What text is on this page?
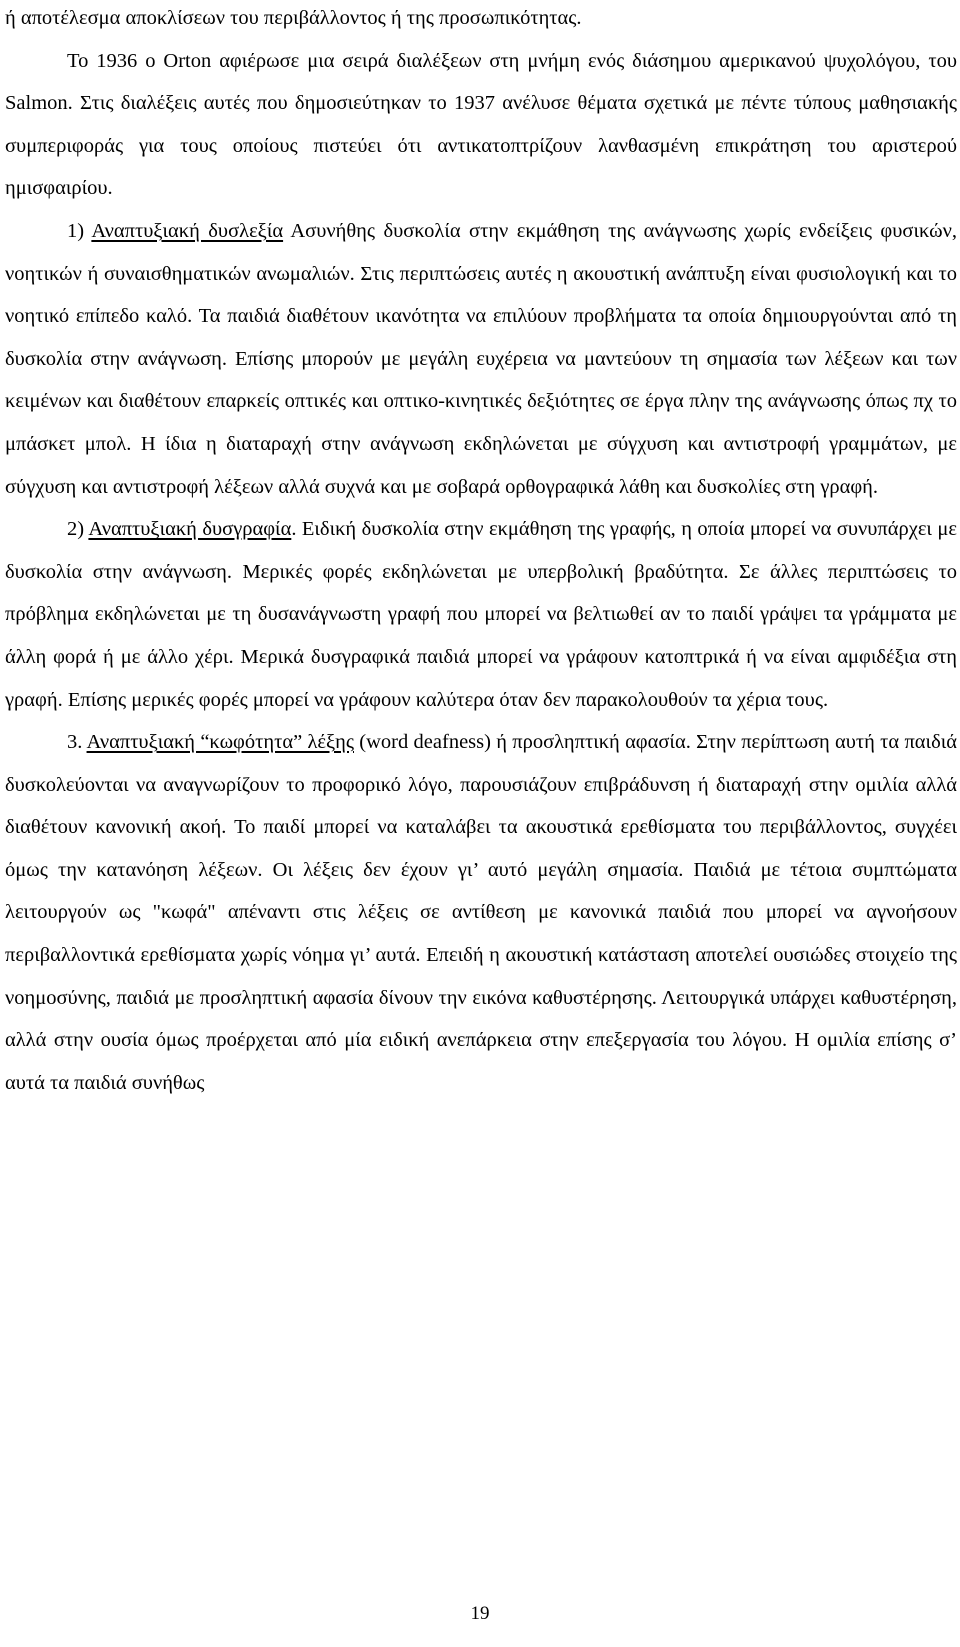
ή αποτέλεσμα αποκλίσεων του περιβάλλοντος ή της προσωπικότητας.

Το 1936 ο Orton αφιέρωσε μια σειρά διαλέξεων στη μνήμη ενός διάσημου αμερικανού ψυχολόγου, του Salmon. Στις διαλέξεις αυτές που δημοσιεύτηκαν το 1937 ανέλυσε θέματα σχετικά με πέντε τύπους μαθησιακής συμπεριφοράς για τους οποίους πιστεύει ότι αντικατοπτρίζουν λανθασμένη επικράτηση του αριστερού ημισφαιρίου.

1) Αναπτυξιακή δυσλεξία Ασυνήθης δυσκολία στην εκμάθηση της ανάγνωσης χωρίς ενδείξεις φυσικών, νοητικών ή συναισθηματικών ανωμαλιών. Στις περιπτώσεις αυτές η ακουστική ανάπτυξη είναι φυσιολογική και το νοητικό επίπεδο καλό. Τα παιδιά διαθέτουν ικανότητα να επιλύουν προβλήματα τα οποία δημιουργούνται από τη δυσκολία στην ανάγνωση. Επίσης μπορούν με μεγάλη ευχέρεια να μαντεύουν τη σημασία των λέξεων και των κειμένων και διαθέτουν επαρκείς οπτικές και οπτικο-κινητικές δεξιότητες σε έργα πλην της ανάγνωσης όπως πχ το μπάσκετ μπολ. Η ίδια η διαταραχή στην ανάγνωση εκδηλώνεται με σύγχυση και αντιστροφή γραμμάτων, με σύγχυση και αντιστροφή λέξεων αλλά συχνά και με σοβαρά ορθογραφικά λάθη και δυσκολίες στη γραφή.

2) Αναπτυξιακή δυσγραφία. Ειδική δυσκολία στην εκμάθηση της γραφής, η οποία μπορεί να συνυπάρχει με δυσκολία στην ανάγνωση. Μερικές φορές εκδηλώνεται με υπερβολική βραδύτητα. Σε άλλες περιπτώσεις το πρόβλημα εκδηλώνεται με τη δυσανάγνωστη γραφή που μπορεί να βελτιωθεί αν το παιδί γράψει τα γράμματα με άλλη φορά ή με άλλο χέρι. Μερικά δυσγραφικά παιδιά μπορεί να γράφουν κατοπτρικά ή να είναι αμφιδέξια στη γραφή. Επίσης μερικές φορές μπορεί να γράφουν καλύτερα όταν δεν παρακολουθούν τα χέρια τους.

3. Αναπτυξιακή “κωφότητα” λέξης (word deafness) ή προσληπτική αφασία. Στην περίπτωση αυτή τα παιδιά δυσκολεύονται να αναγνωρίζουν το προφορικό λόγο, παρουσιάζουν επιβράδυνση ή διαταραχή στην ομιλία αλλά διαθέτουν κανονική ακοή. Το παιδί μπορεί να καταλάβει τα ακουστικά ερεθίσματα του περιβάλλοντος, συγχέει όμως την κατανόηση λέξεων. Οι λέξεις δεν έχουν γι’ αυτό μεγάλη σημασία. Παιδιά με τέτοια συμπτώματα λειτουργούν ως "κωφά" απέναντι στις λέξεις σε αντίθεση με κανονικά παιδιά που μπορεί να αγνοήσουν περιβαλλοντικά ερεθίσματα χωρίς νόημα γι’ αυτά. Επειδή η ακουστική κατάσταση αποτελεί ουσιώδες στοιχείο της νοημοσύνης, παιδιά με προσληπτική αφασία δίνουν την εικόνα καθυστέρησης. Λειτουργικά υπάρχει καθυστέρηση, αλλά στην ουσία όμως προέρχεται από μία ειδική ανεπάρκεια στην επεξεργασία του λόγου. Η ομιλία επίσης σ’ αυτά τα παιδιά συνήθως

19
